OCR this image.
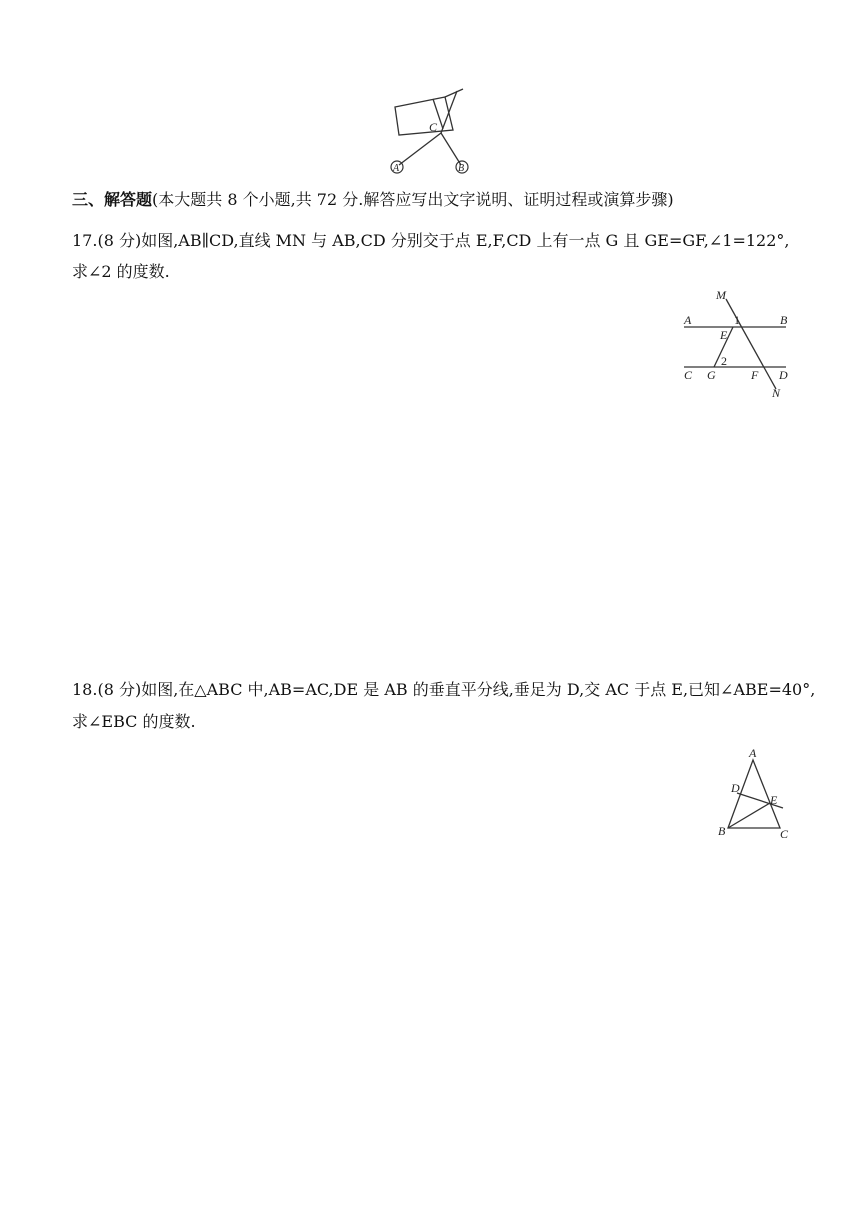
C
A	B
三、解答题(本大题共 8 个小题,共 72 分.解答应写出文字说明、证明过程或演算步骤)
17.(8 分)如图,AB∥CD,直线 MN 与 AB,CD 分别交于点 E,F,CD 上有一点 G 且 GE=GF,∠1=122°,
求∠2 的度数.
M
A	B
1
E
2
C G	F D
N
18.(8 分)如图,在△ABC 中,AB=AC,DE 是 AB 的垂直平分线,垂足为 D,交 AC 于点 E,已知∠ABE=40°,
求∠EBC 的度数.
A
D
E
B	C
